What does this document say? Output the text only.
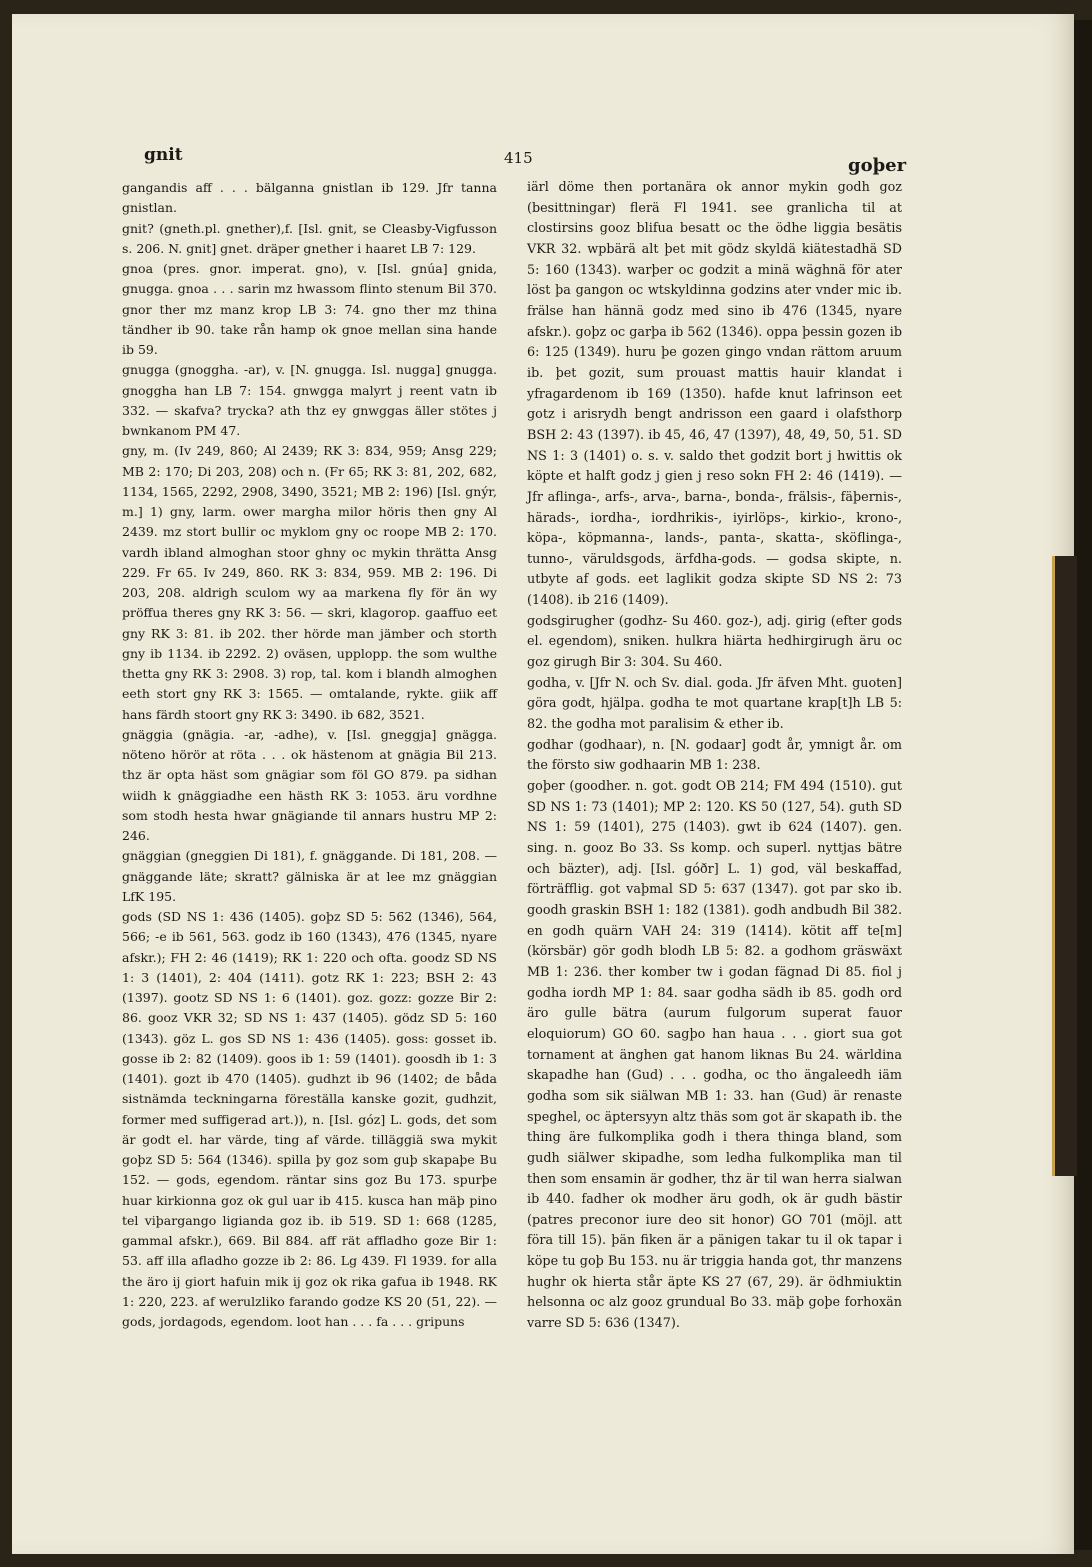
gnit	415	goþer

gangandis aff . . . bälganna gnistlan ib 129. Jfr tanna gnistlan.

gnit? (gneth.pl. gnether),f. [Isl. gnit, se Cleasby-Vigfusson s. 206. N. gnit] gnet. dräper gnether i haaret LB 7: 129.

gnoa (pres. gnor. imperat. gno), v. [Isl. gnúa] gnida, gnugga. gnoa . . . sarin mz hwassom flinto stenum Bil 370. gnor ther mz manz krop LB 3: 74. gno ther mz thina tändher ib 90. take rån hamp ok gnoe mellan sina hande ib 59.

gnugga (gnoggha. -ar), v. [N. gnugga. Isl. nugga] gnugga. gnoggha han LB 7: 154. gnwgga malyrt j reent vatn ib 332. — skafva? trycka? ath thz ey gnwggas äller stötes j bwnkanom PM 47.

gny, m. (Iv 249, 860; Al 2439; RK 3: 834, 959; Ansg 229; MB 2: 170; Di 203, 208) och n. (Fr 65; RK 3: 81, 202, 682, 1134, 1565, 2292, 2908, 3490, 3521; MB 2: 196) [Isl. gnýr, m.] 1) gny, larm. ower margha milor höris then gny Al 2439. mz stort bullir oc myklom gny oc roope MB 2: 170. vardh ibland almoghan stoor ghny oc mykin thrätta Ansg 229. Fr 65. Iv 249, 860. RK 3: 834, 959. MB 2: 196. Di 203, 208. aldrigh sculom wy aa markena fly för än wy pröffua theres gny RK 3: 56. — skri, klagorop. gaaffuo eet gny RK 3: 81. ib 202. ther hörde man jämber och storth gny ib 1134. ib 2292. 2) oväsen, upplopp. the som wulthe thetta gny RK 3: 2908. 3) rop, tal. kom i blandh almoghen eeth stort gny RK 3: 1565. — omtalande, rykte. giik aff hans färdh stoort gny RK 3: 3490. ib 682, 3521.

gnäggia (gnägia. -ar, -adhe), v. [Isl. gneggja] gnägga. nöteno hörör at röta . . . ok hästenom at gnägia Bil 213. thz är opta häst som gnägiar som föl GO 879. pa sidhan wiidh k gnäggiadhe een hästh RK 3: 1053. äru vordhne som stodh hesta hwar gnägiande til annars hustru MP 2: 246.

gnäggian (gneggien Di 181), f. gnäggande. Di 181, 208. — gnäggande läte; skratt? gälniska är at lee mz gnäggian LfK 195.

gods (SD NS 1: 436 (1405). goþz SD 5: 562 (1346), 564, 566; -e ib 561, 563. godz ib 160 (1343), 476 (1345, nyare afskr.); FH 2: 46 (1419); RK 1: 220 och ofta. goodz SD NS 1: 3 (1401), 2: 404 (1411). gotz RK 1: 223; BSH 2: 43 (1397). gootz SD NS 1: 6 (1401). goz. gozz: gozze Bir 2: 86. gooz VKR 32; SD NS 1: 437 (1405). gödz SD 5: 160 (1343). göz L. gos SD NS 1: 436 (1405). goss: gosset ib. gosse ib 2: 82 (1409). goos ib 1: 59 (1401). goosdh ib 1: 3 (1401). gozt ib 470 (1405). gudhzt ib 96 (1402; de båda sistnämda teckningarna föreställa kanske gozit, gudhzit, former med suffigerad art.)), n. [Isl. góz] L. gods, det som är godt el. har värde, ting af värde. tilläggiä swa mykit goþz SD 5: 564 (1346). spilla þy goz som guþ skapaþe Bu 152. — gods, egendom. räntar sins goz Bu 173. spurþe huar kirkionna goz ok gul uar ib 415. kusca han mäþ pino tel viþargango ligianda goz ib. ib 519. SD 1: 668 (1285, gammal afskr.), 669. Bil 884. aff rät affladho goze Bir 1: 53. aff illa afladho gozze ib 2: 86. Lg 439. Fl 1939. for alla the äro ij giort hafuin mik ij goz ok rika gafua ib 1948. RK 1: 220, 223. af werulzliko farando godze KS 20 (51, 22). — gods, jordagods, egendom. loot han . . . fa . . . gripuns

iärl döme then portanära ok annor mykin godh goz (besittningar) flerä Fl 1941. see granlicha til at clostirsins gooz blifua besatt oc the ödhe liggia besätis VKR 32. wpbärä alt þet mit gödz skyldä kiätestadhä SD 5: 160 (1343). warþer oc godzit a minä wäghnä för ater löst þa gangon oc wtskyldinna godzins ater vnder mic ib. frälse han hännä godz med sino ib 476 (1345, nyare afskr.). goþz oc garþa ib 562 (1346). oppa þessin gozen ib 6: 125 (1349). huru þe gozen gingo vndan rättom aruum ib. þet gozit, sum prouast mattis hauir klandat i yfragardenom ib 169 (1350). hafde knut lafrinson eet gotz i arisrydh bengt andrisson een gaard i olafsthorp BSH 2: 43 (1397). ib 45, 46, 47 (1397), 48, 49, 50, 51. SD NS 1: 3 (1401) o. s. v. saldo thet godzit bort j hwittis ok köpte et halft godz j gien j reso sokn FH 2: 46 (1419). — Jfr aflinga-, arfs-, arva-, barna-, bonda-, frälsis-, fäþernis-, härads-, iordha-, iordhrikis-, iyirlöps-, kirkio-, krono-, köpa-, köpmanna-, lands-, panta-, skatta-, sköflinga-, tunno-, väruldsgods, ärfdha-gods. — godsa skipte, n. utbyte af gods. eet laglikit godza skipte SD NS 2: 73 (1408). ib 216 (1409).

godsgirugher (godhz- Su 460. goz-), adj. girig (efter gods el. egendom), sniken. hulkra hiärta hedhirgirugh äru oc goz girugh Bir 3: 304. Su 460.

godha, v. [Jfr N. och Sv. dial. goda. Jfr äfven Mht. guoten] göra godt, hjälpa. godha te mot quartane krap[t]h LB 5: 82. the godha mot paralisim & ether ib.

godhar (godhaar), n. [N. godaar] godt år, ymnigt år. om the försto siw godhaarin MB 1: 238.

goþer (goodher. n. got. godt OB 214; FM 494 (1510). gut SD NS 1: 73 (1401); MP 2: 120. KS 50 (127, 54). guth SD NS 1: 59 (1401), 275 (1403). gwt ib 624 (1407). gen. sing. n. gooz Bo 33. Ss komp. och superl. nyttjas bätre och bäzter), adj. [Isl. góðr] L. 1) god, väl beskaffad, förträfflig. got vaþmal SD 5: 637 (1347). got par sko ib. goodh graskin BSH 1: 182 (1381). godh andbudh Bil 382. en godh quärn VAH 24: 319 (1414). kötit aff te[m] (körsbär) gör godh blodh LB 5: 82. a godhom gräswäxt MB 1: 236. ther komber tw i godan fägnad Di 85. fiol j godha iordh MP 1: 84. saar godha sädh ib 85. godh ord äro gulle bätra (aurum fulgorum superat fauor eloquiorum) GO 60. sagþo han haua . . . giort sua got tornament at änghen gat hanom liknas Bu 24. wärldina skapadhe han (Gud) . . . godha, oc tho ängaleedh iäm godha som sik siälwan MB 1: 33. han (Gud) är renaste speghel, oc äptersyyn altz thäs som got är skapath ib. the thing äre fulkomplika godh i thera thinga bland, som gudh siälwer skipadhe, som ledha fulkomplika man til then som ensamin är godher, thz är til wan herra sialwan ib 440. fadher ok modher äru godh, ok är gudh bästir (patres preconor iure deo sit honor) GO 701 (möjl. att föra till 15). þän fiken är a pänigen takar tu il ok tapar i köpe tu goþ Bu 153. nu är triggia handa got, thr manzens hughr ok hierta står äpte KS 27 (67, 29). är ödhmiuktin helsonna oc alz gooz grundual Bo 33. mäþ goþe forhoxän varre SD 5: 636 (1347).
